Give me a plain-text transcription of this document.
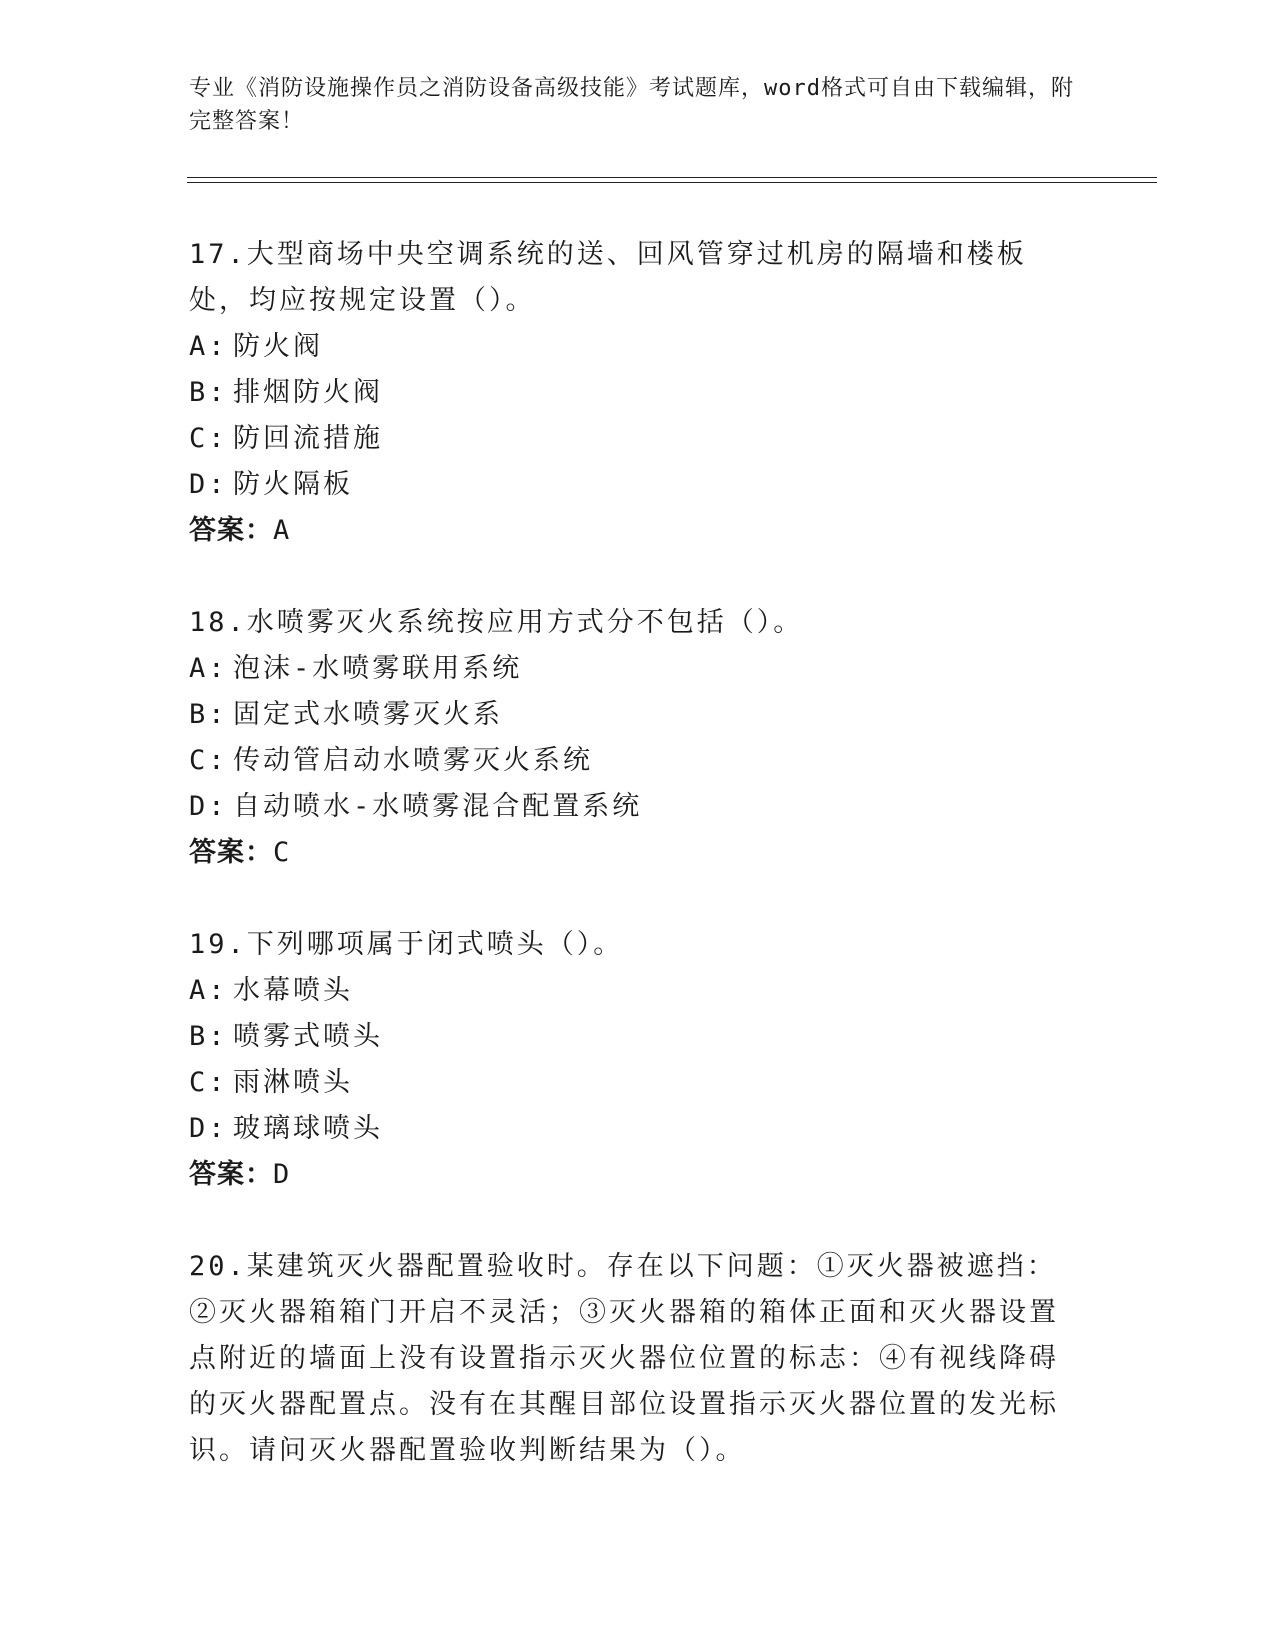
专业《消防设施操作员之消防设备高级技能》考试题库，word格式可自由下载编辑，附完整答案！
17.大型商场中央空调系统的送、回风管穿过机房的隔墙和楼板处，均应按规定设置（）。
A: 防火阀
B: 排烟防火阀
C: 防回流措施
D: 防火隔板
答案：A
18.水喷雾灭火系统按应用方式分不包括（）。
A: 泡沫-水喷雾联用系统
B: 固定式水喷雾灭火系
C: 传动管启动水喷雾灭火系统
D: 自动喷水-水喷雾混合配置系统
答案：C
19.下列哪项属于闭式喷头（）。
A: 水幕喷头
B: 喷雾式喷头
C: 雨淋喷头
D: 玻璃球喷头
答案：D
20.某建筑灭火器配置验收时。存在以下问题：①灭火器被遮挡：②灭火器箱箱门开启不灵活；③灭火器箱的箱体正面和灭火器设置点附近的墙面上没有设置指示灭火器位位置的标志：④有视线降碍的灭火器配置点。没有在其醒目部位设置指示灭火器位置的发光标识。请问灭火器配置验收判断结果为（）。
